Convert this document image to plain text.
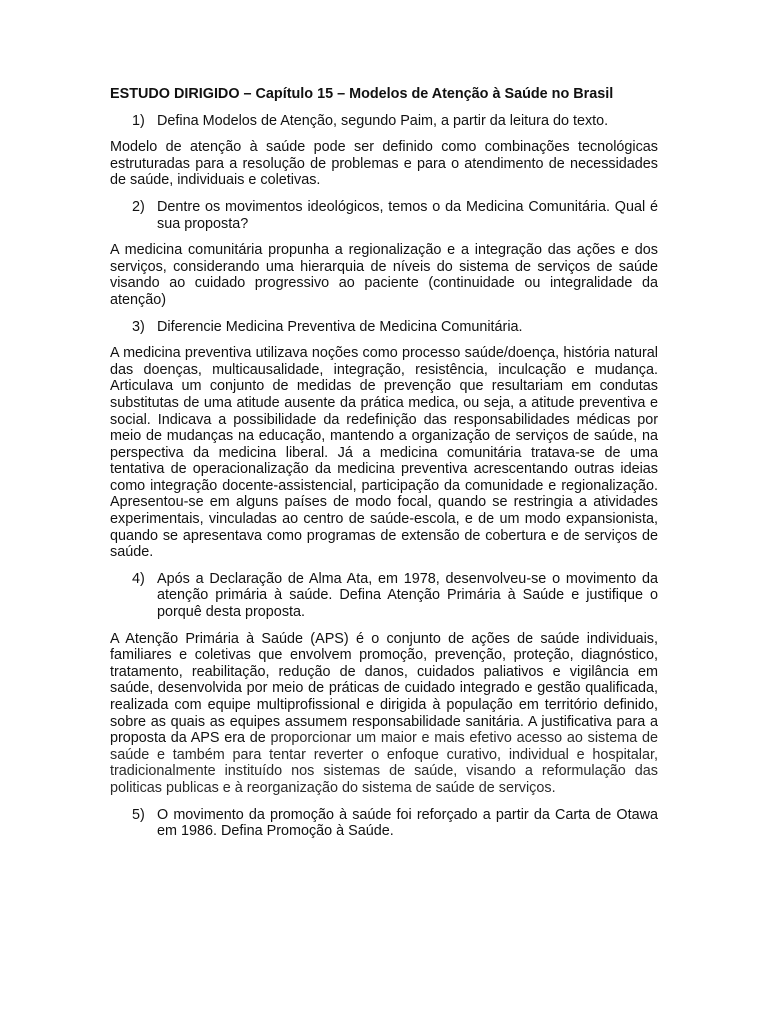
ESTUDO DIRIGIDO – Capítulo 15 – Modelos de Atenção à Saúde no Brasil
1) Defina Modelos de Atenção, segundo Paim, a partir da leitura do texto.

Modelo de atenção à saúde pode ser definido como combinações tecnológicas estruturadas para a resolução de problemas e para o atendimento de necessidades de saúde, individuais e coletivas.

2) Dentre os movimentos ideológicos, temos o da Medicina Comunitária. Qual é sua proposta?

A medicina comunitária propunha a regionalização e a integração das ações e dos serviços, considerando uma hierarquia de níveis do sistema de serviços de saúde visando ao cuidado progressivo ao paciente (continuidade ou integralidade da atenção)

3) Diferencie Medicina Preventiva de Medicina Comunitária.

A medicina preventiva utilizava noções como processo saúde/doença, história natural das doenças, multicausalidade, integração, resistência, inculcação e mudança. Articulava um conjunto de medidas de prevenção que resultariam em condutas substitutas de uma atitude ausente da prática medica, ou seja, a atitude preventiva e social. Indicava a possibilidade da redefinição das responsabilidades médicas por meio de mudanças na educação, mantendo a organização de serviços de saúde, na perspectiva da medicina liberal. Já a medicina comunitária tratava-se de uma tentativa de operacionalização da medicina preventiva acrescentando outras ideias como integração docente-assistencial, participação da comunidade e regionalização. Apresentou-se em alguns países de modo focal, quando se restringia a atividades experimentais, vinculadas ao centro de saúde-escola, e de um modo expansionista, quando se apresentava como programas de extensão de cobertura e de serviços de saúde.

4) Após a Declaração de Alma Ata, em 1978, desenvolveu-se o movimento da atenção primária à saúde. Defina Atenção Primária à Saúde e justifique o porquê desta proposta.

A Atenção Primária à Saúde (APS) é o conjunto de ações de saúde individuais, familiares e coletivas que envolvem promoção, prevenção, proteção, diagnóstico, tratamento, reabilitação, redução de danos, cuidados paliativos e vigilância em saúde, desenvolvida por meio de práticas de cuidado integrado e gestão qualificada, realizada com equipe multiprofissional e dirigida à população em território definido, sobre as quais as equipes assumem responsabilidade sanitária. A justificativa para a proposta da APS era de proporcionar um maior e mais efetivo acesso ao sistema de saúde e também para tentar reverter o enfoque curativo, individual e hospitalar, tradicionalmente instituído nos sistemas de saúde, visando a reformulação das politicas publicas e à reorganização do sistema de saúde de serviços.

5) O movimento da promoção à saúde foi reforçado a partir da Carta de Otawa em 1986. Defina Promoção à Saúde.
